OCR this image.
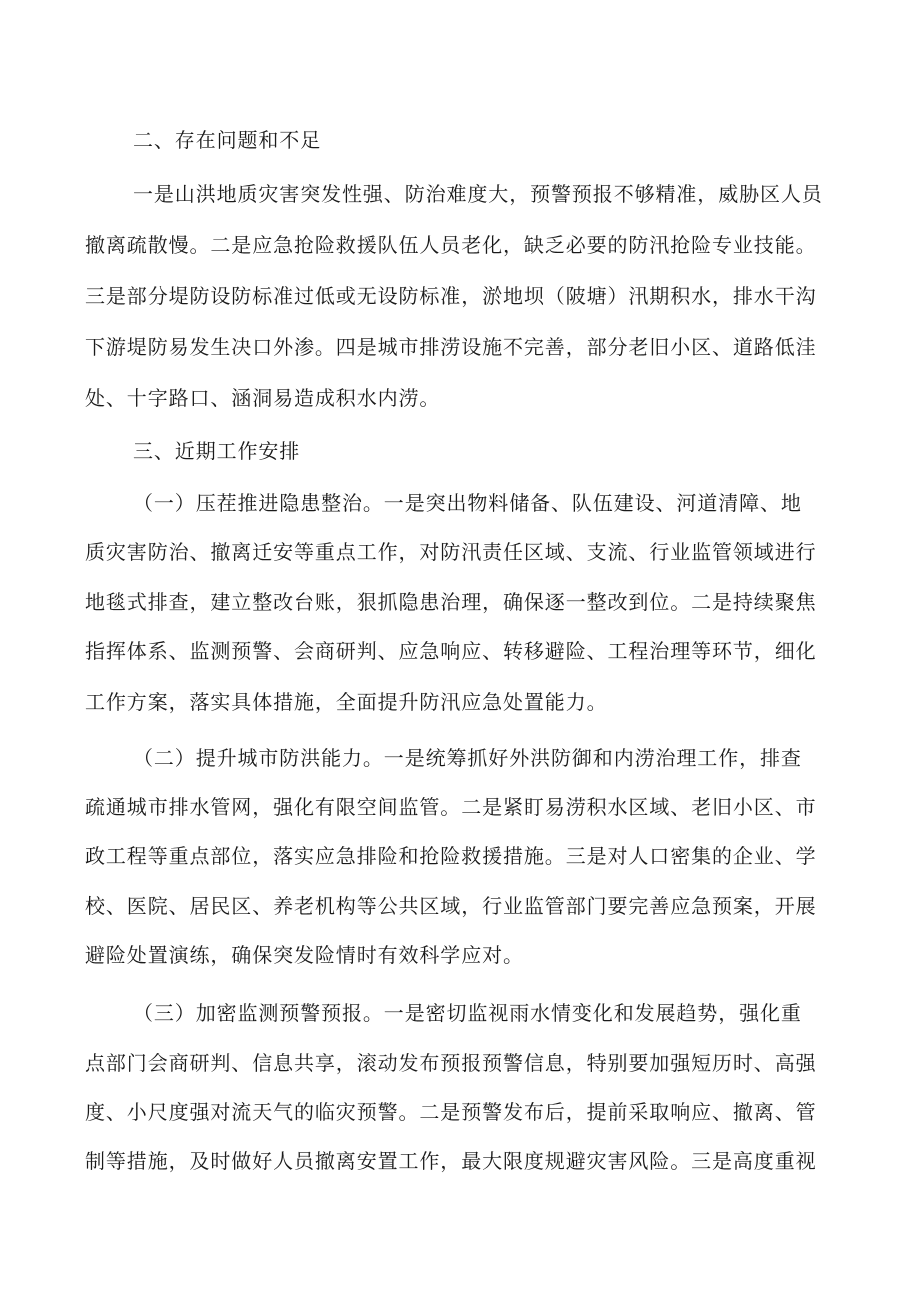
二、存在问题和不足
一是山洪地质灾害突发性强、防治难度大，预警预报不够精准，威胁区人员
撤离疏散慢。二是应急抢险救援队伍人员老化，缺乏必要的防汛抢险专业技能。
三是部分堤防设防标准过低或无设防标准，淤地坝（陂塘）汛期积水，排水干沟
下游堤防易发生决口外渗。四是城市排涝设施不完善，部分老旧小区、道路低洼
处、十字路口、涵洞易造成积水内涝。
三、近期工作安排
（一）压茬推进隐患整治。一是突出物料储备、队伍建设、河道清障、地
质灾害防治、撤离迁安等重点工作，对防汛责任区域、支流、行业监管领域进行
地毯式排查，建立整改台账，狠抓隐患治理，确保逐一整改到位。二是持续聚焦
指挥体系、监测预警、会商研判、应急响应、转移避险、工程治理等环节，细化
工作方案，落实具体措施，全面提升防汛应急处置能力。
（二）提升城市防洪能力。一是统筹抓好外洪防御和内涝治理工作，排查
疏通城市排水管网，强化有限空间监管。二是紧盯易涝积水区域、老旧小区、市
政工程等重点部位，落实应急排险和抢险救援措施。三是对人口密集的企业、学
校、医院、居民区、养老机构等公共区域，行业监管部门要完善应急预案，开展
避险处置演练，确保突发险情时有效科学应对。
（三）加密监测预警预报。一是密切监视雨水情变化和发展趋势，强化重
点部门会商研判、信息共享，滚动发布预报预警信息，特别要加强短历时、高强
度、小尺度强对流天气的临灾预警。二是预警发布后，提前采取响应、撤离、管
制等措施，及时做好人员撤离安置工作，最大限度规避灾害风险。三是高度重视
